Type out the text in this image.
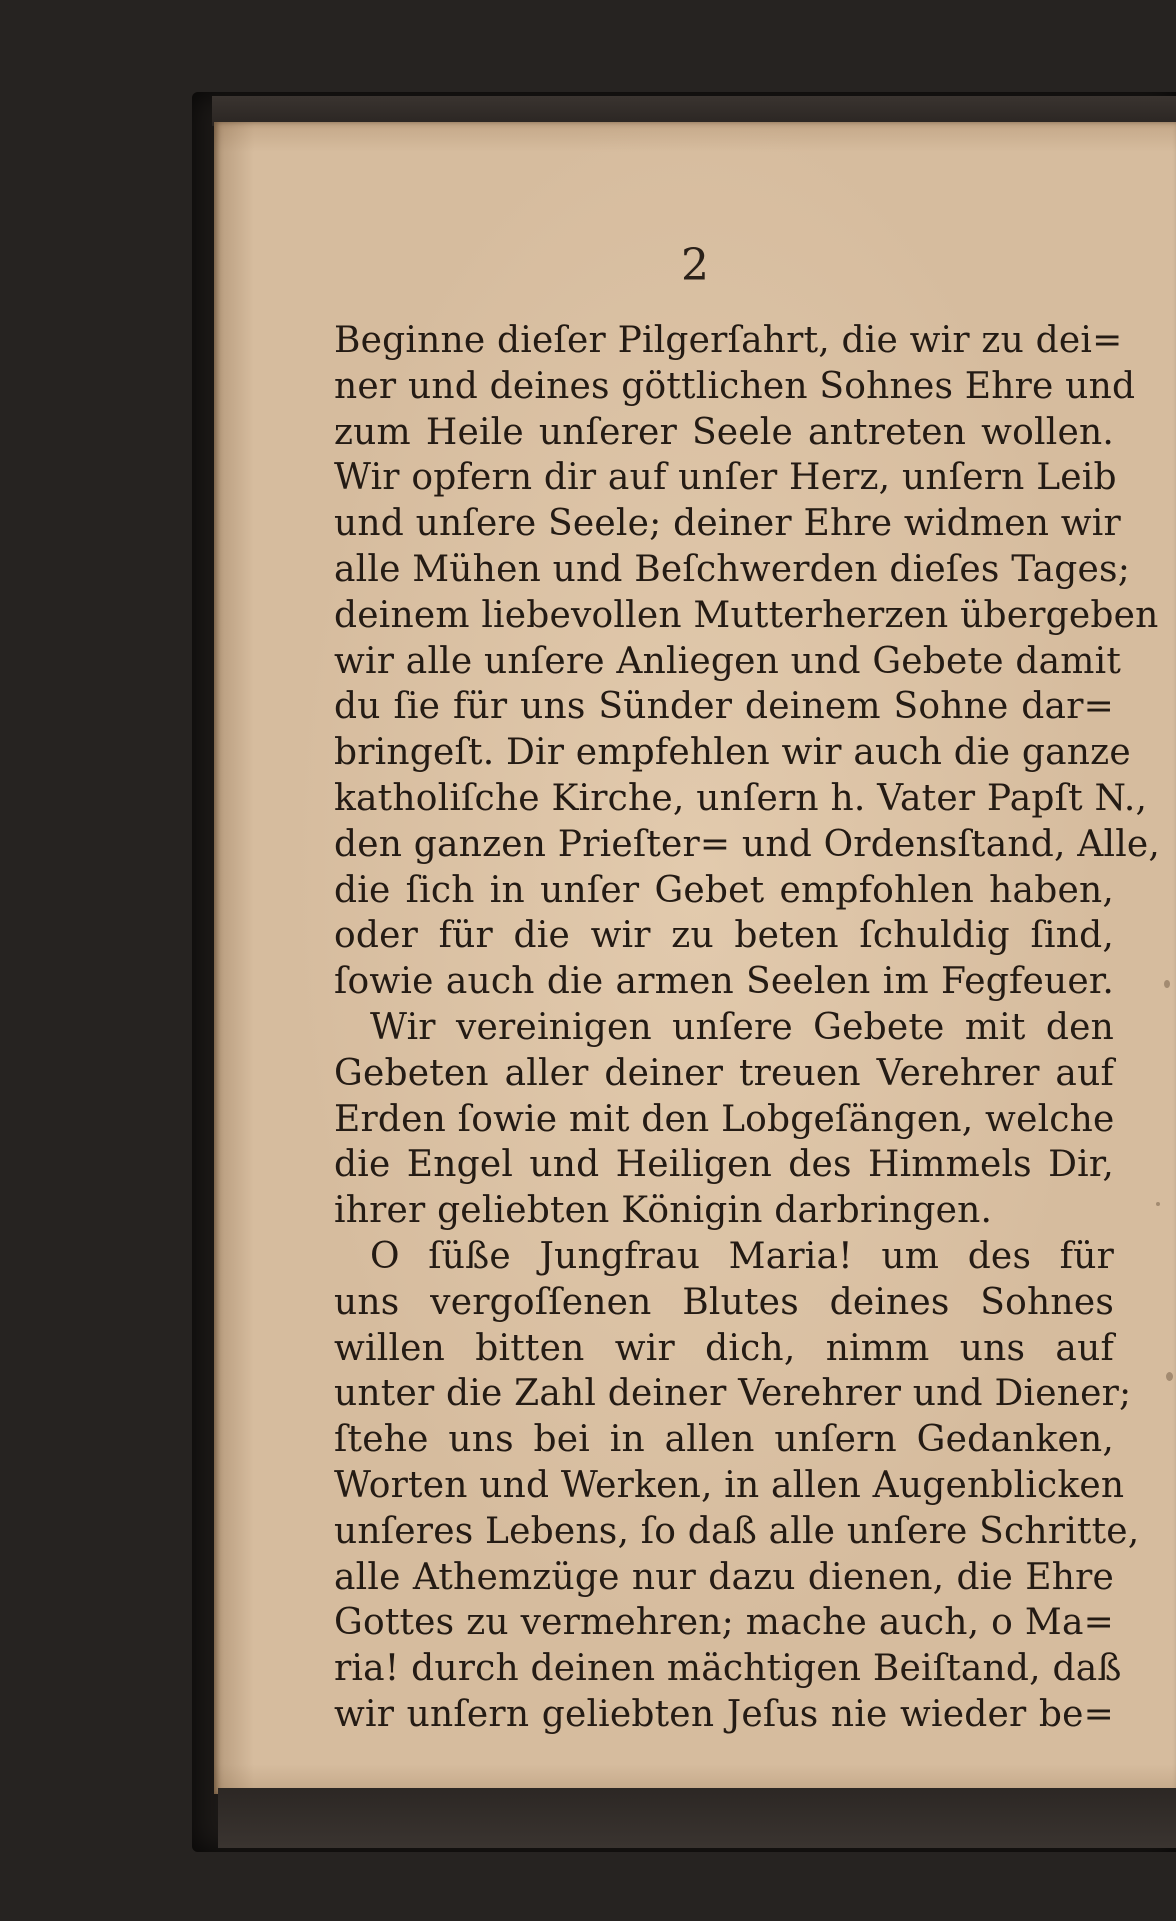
2

Beginne dieſer Pilgerſahrt, die wir zu dei=
ner und deines göttlichen Sohnes Ehre und
zum Heile unſerer Seele antreten wollen.
Wir opfern dir auf unſer Herz, unſern Leib
und unſere Seele; deiner Ehre widmen wir
alle Mühen und Beſchwerden dieſes Tages;
deinem liebevollen Mutterherzen übergeben
wir alle unſere Anliegen und Gebete damit
du ſie für uns Sünder deinem Sohne dar=
bringeſt. Dir empfehlen wir auch die ganze
katholiſche Kirche, unſern h. Vater Papſt N.,
den ganzen Prieſter= und Ordensſtand, Alle,
die ſich in unſer Gebet empfohlen haben,
oder für die wir zu beten ſchuldig ſind,
ſowie auch die armen Seelen im Fegfeuer.
Wir vereinigen unſere Gebete mit den
Gebeten aller deiner treuen Verehrer auf
Erden ſowie mit den Lobgeſängen, welche
die Engel und Heiligen des Himmels Dir,
ihrer geliebten Königin darbringen.
O ſüße Jungfrau Maria! um des für
uns vergoſſenen Blutes deines Sohnes
willen bitten wir dich, nimm uns auf
unter die Zahl deiner Verehrer und Diener;
ſtehe uns bei in allen unſern Gedanken,
Worten und Werken, in allen Augenblicken
unſeres Lebens, ſo daß alle unſere Schritte,
alle Athemzüge nur dazu dienen, die Ehre
Gottes zu vermehren; mache auch, o Ma=
ria! durch deinen mächtigen Beiſtand, daß
wir unſern geliebten Jeſus nie wieder be=
